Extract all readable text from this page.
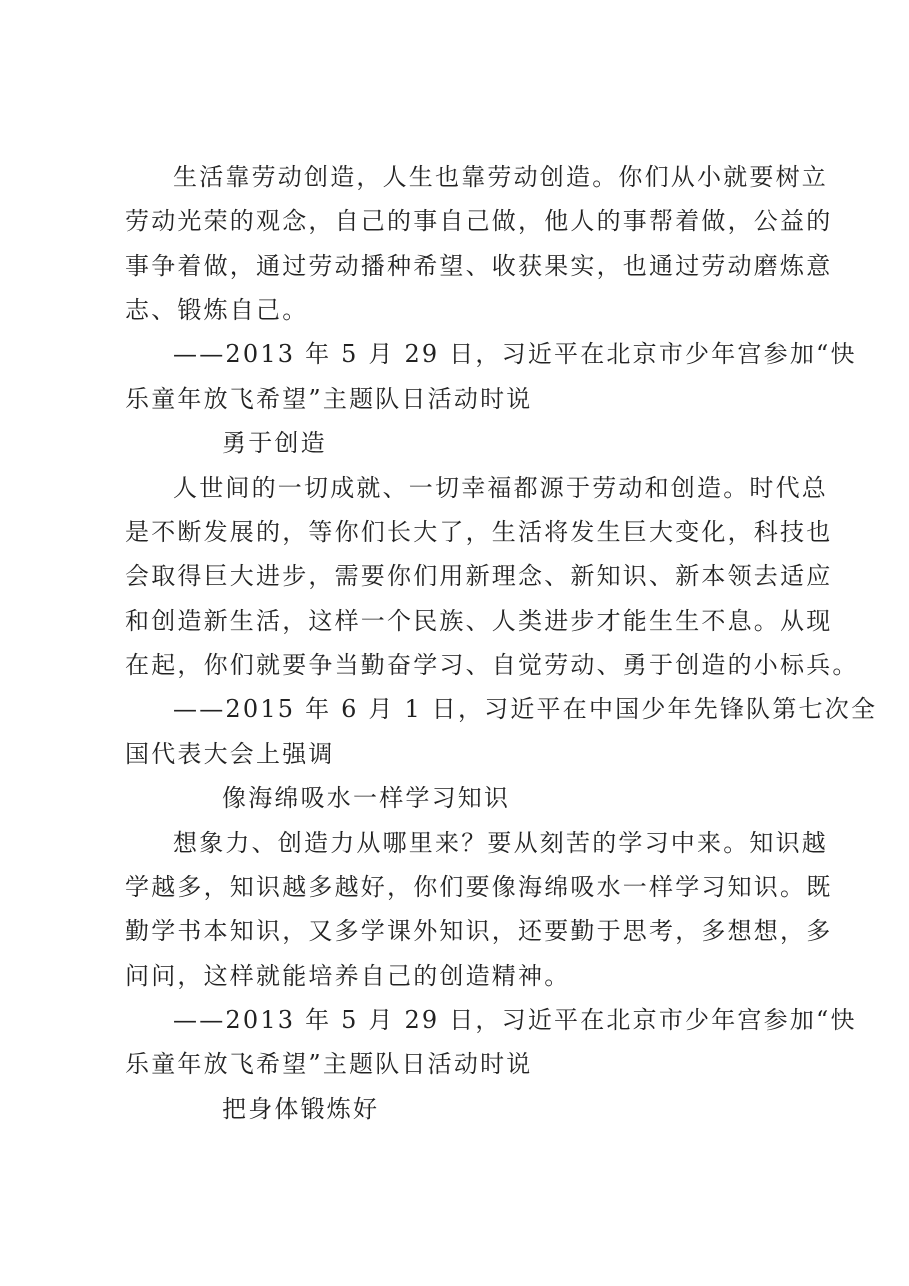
生活靠劳动创造，人生也靠劳动创造。你们从小就要树立
劳动光荣的观念，自己的事自己做，他人的事帮着做，公益的
事争着做，通过劳动播种希望、收获果实，也通过劳动磨炼意
志、锻炼自己。
——2013 年 5 月 29 日，习近平在北京市少年宫参加“快
乐童年放飞希望”主题队日活动时说
勇于创造
人世间的一切成就、一切幸福都源于劳动和创造。时代总
是不断发展的，等你们长大了，生活将发生巨大变化，科技也
会取得巨大进步，需要你们用新理念、新知识、新本领去适应
和创造新生活，这样一个民族、人类进步才能生生不息。从现
在起，你们就要争当勤奋学习、自觉劳动、勇于创造的小标兵。
——2015 年 6 月 1 日，习近平在中国少年先锋队第七次全
国代表大会上强调
像海绵吸水一样学习知识
想象力、创造力从哪里来？要从刻苦的学习中来。知识越
学越多，知识越多越好，你们要像海绵吸水一样学习知识。既
勤学书本知识，又多学课外知识，还要勤于思考，多想想，多
问问，这样就能培养自己的创造精神。
——2013 年 5 月 29 日，习近平在北京市少年宫参加“快
乐童年放飞希望”主题队日活动时说
把身体锻炼好
